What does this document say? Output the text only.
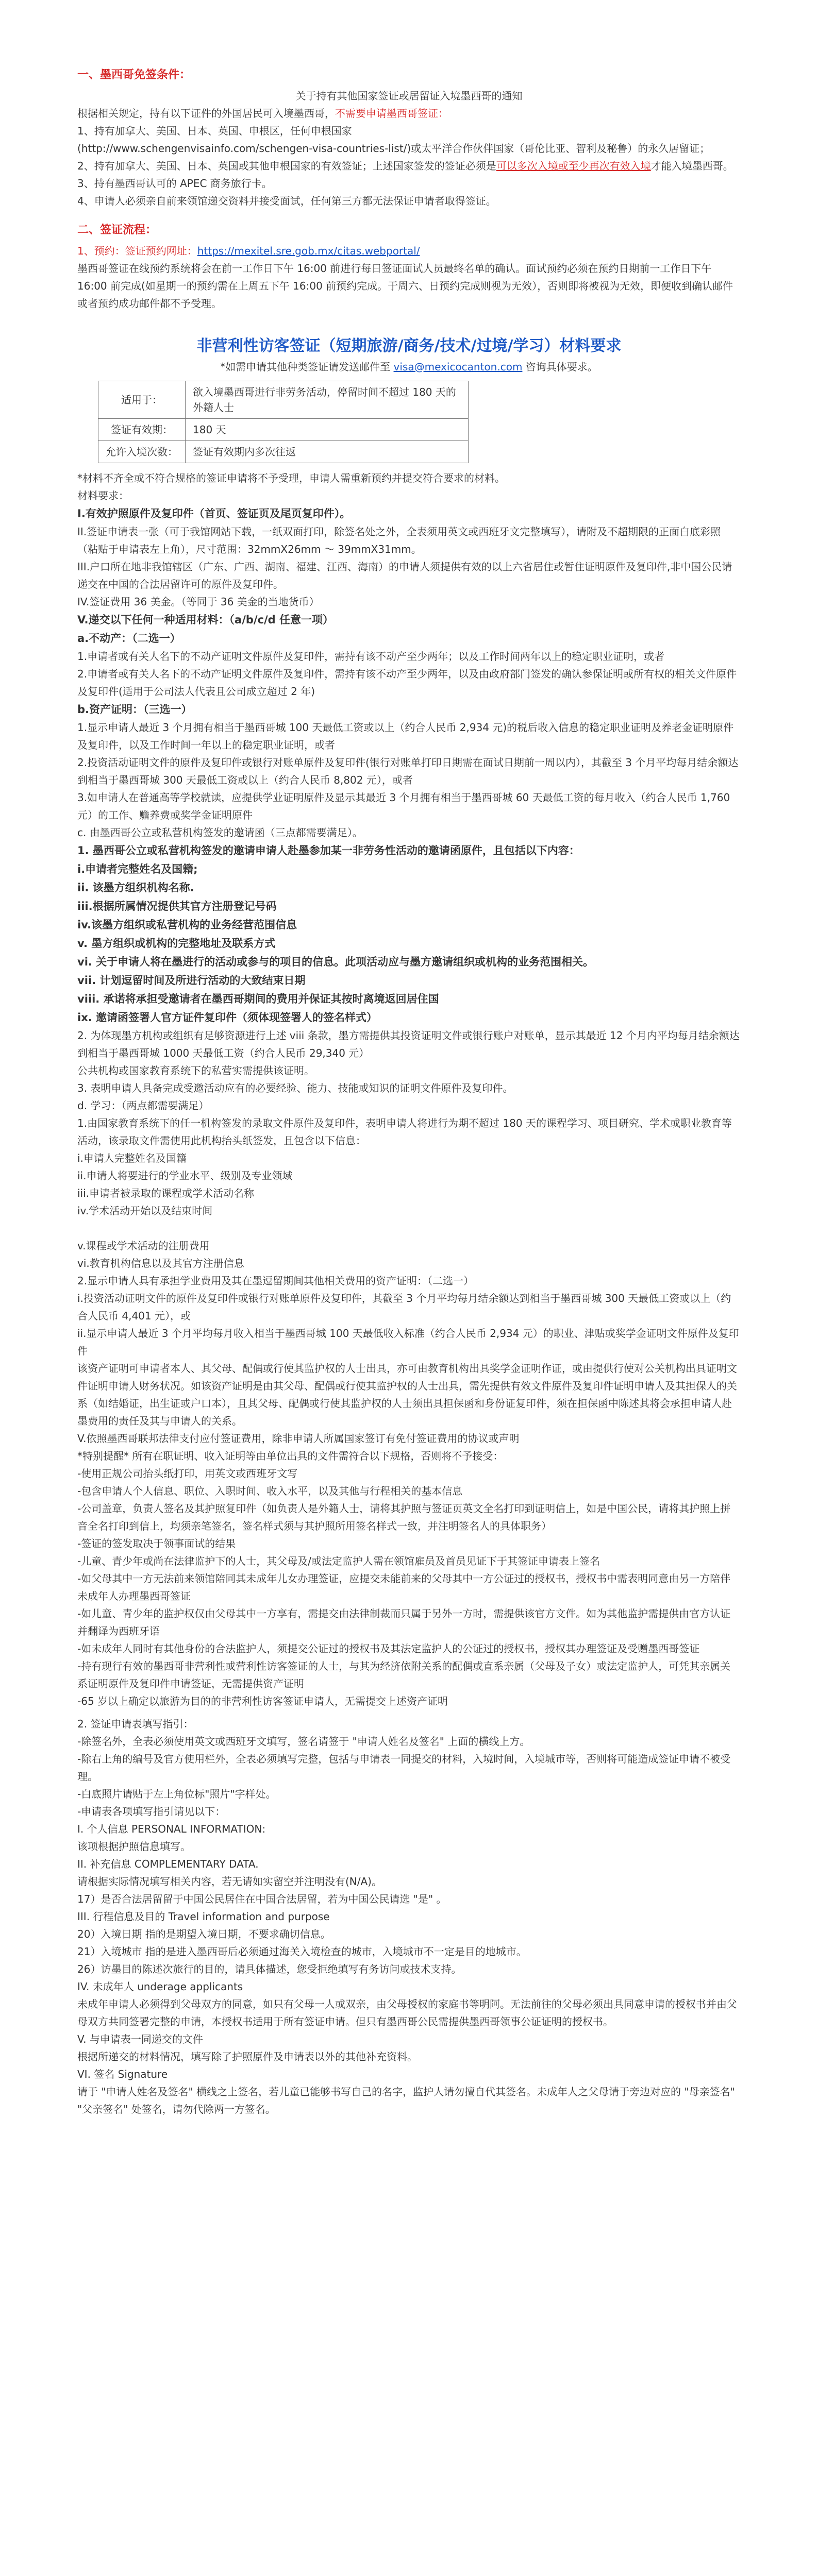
一、墨西哥免签条件：

关于持有其他国家签证或居留证入境墨西哥的通知

根据相关规定，持有以下证件的外国居民可入境墨西哥，不需要申请墨西哥签证：

1、持有加拿大、美国、日本、英国、申根区，任何申根国家

(http://www.schengenvisainfo.com/schengen-visa-countries-list/)或太平洋合作伙伴国家（哥伦比亚、智利及秘鲁）的永久居留证；

2、持有加拿大、美国、日本、英国或其他申根国家的有效签证；上述国家签发的签证必须是可以多次入境或至少再次有效入境才能入境墨西哥。

3、持有墨西哥认可的 APEC 商务旅行卡。

4、申请人必须亲自前来领馆递交资料并接受面试，任何第三方都无法保证申请者取得签证。

二、签证流程：

1、预约：签证预约网址：https://mexitel.sre.gob.mx/citas.webportal/

墨西哥签证在线预约系统将会在前一工作日下午 16:00 前进行每日签证面试人员最终名单的确认。面试预约必须在预约日期前一工作日下午 16:00 前完成(如星期一的预约需在上周五下午 16:00 前预约完成。于周六、日预约完成则视为无效），否则即将被视为无效，即便收到确认邮件或者预约成功邮件都不予受理。

非营利性访客签证（短期旅游/商务/技术/过境/学习）材料要求

*如需申请其他种类签证请发送邮件至 visa@mexicocanton.com 咨询具体要求。

适用于：	欲入境墨西哥进行非劳务活动，停留时间不超过 180 天的外籍人士
签证有效期：	180 天
允许入境次数：	签证有效期内多次往返

*材料不齐全或不符合规格的签证申请将不予受理，申请人需重新预约并提交符合要求的材料。

材料要求：

I.有效护照原件及复印件（首页、签证页及尾页复印件）。

II.签证申请表一张（可于我馆网站下载，一纸双面打印，除签名处之外，全表须用英文或西班牙文完整填写），请附及不超期限的正面白底彩照（粘贴于申请表左上角），尺寸范围：32mmX26mm ～ 39mmX31mm。

III.户口所在地非我馆辖区（广东、广西、湖南、福建、江西、海南）的申请人须提供有效的以上六省居住或暂住证明原件及复印件,非中国公民请递交在中国的合法居留许可的原件及复印件。

IV.签证费用 36 美金。（等同于 36 美金的当地货币）

V.递交以下任何一种适用材料：（a/b/c/d 任意一项）

a.不动产：（二选一）

1.申请者或有关人名下的不动产证明文件原件及复印件，需持有该不动产至少两年；以及工作时间两年以上的稳定职业证明，或者

2.申请者或有关人名下的不动产证明文件原件及复印件，需持有该不动产至少两年，以及由政府部门签发的确认参保证明或所有权的相关文件原件及复印件(适用于公司法人代表且公司成立超过 2 年)

b.资产证明：（三选一）

1.显示申请人最近 3 个月拥有相当于墨西哥城 100 天最低工资或以上（约合人民币 2,934 元)的税后收入信息的稳定职业证明及养老金证明原件及复印件，以及工作时间一年以上的稳定职业证明，或者

2.投资活动证明文件的原件及复印件或银行对账单原件及复印件(银行对账单打印日期需在面试日期前一周以内），其截至 3 个月平均每月结余额达到相当于墨西哥城 300 天最低工资或以上（约合人民币 8,802 元），或者

3.如申请人在普通高等学校就读，应提供学业证明原件及显示其最近 3 个月拥有相当于墨西哥城 60 天最低工资的每月收入（约合人民币 1,760 元）的工作、赡养费或奖学金证明原件

c. 由墨西哥公立或私营机构签发的邀请函（三点都需要满足）。

1. 墨西哥公立或私营机构签发的邀请申请人赴墨参加某一非劳务性活动的邀请函原件，且包括以下内容：

i.申请者完整姓名及国籍;

ii. 该墨方组织机构名称.

iii.根据所属情况提供其官方注册登记号码

iv.该墨方组织或私营机构的业务经营范围信息

v. 墨方组织或机构的完整地址及联系方式

vi. 关于申请人将在墨进行的活动或参与的项目的信息。此项活动应与墨方邀请组织或机构的业务范围相关。

vii. 计划逗留时间及所进行活动的大致结束日期

viii. 承诺将承担受邀请者在墨西哥期间的费用并保证其按时离境返回居住国

ix. 邀请函签署人官方证件复印件（须体现签署人的签名样式）

2. 为体现墨方机构或组织有足够资源进行上述 viii 条款，墨方需提供其投资证明文件或银行账户对账单，显示其最近 12 个月内平均每月结余额达到相当于墨西哥城 1000 天最低工资（约合人民币 29,340 元）

公共机构或国家教育系统下的私营实需提供该证明。

3. 表明申请人具备完成受邀活动应有的必要经验、能力、技能或知识的证明文件原件及复印件。

d. 学习：（两点都需要满足）

1.由国家教育系统下的任一机构签发的录取文件原件及复印件，表明申请人将进行为期不超过 180 天的课程学习、项目研究、学术或职业教育等活动，该录取文件需使用此机构抬头纸签发，且包含以下信息：

i.申请人完整姓名及国籍

ii.申请人将要进行的学业水平、级别及专业领域

iii.申请者被录取的课程或学术活动名称

iv.学术活动开始以及结束时间

v.课程或学术活动的注册费用

vi.教育机构信息以及其官方注册信息

2.显示申请人具有承担学业费用及其在墨逗留期间其他相关费用的资产证明：（二选一）

i.投资活动证明文件的原件及复印件或银行对账单原件及复印件，其截至 3 个月平均每月结余额达到相当于墨西哥城 300 天最低工资或以上（约合人民币 4,401 元），或

ii.显示申请人最近 3 个月平均每月收入相当于墨西哥城 100 天最低收入标准（约合人民币 2,934 元）的职业、津贴或奖学金证明文件原件及复印件

该资产证明可申请者本人、其父母、配偶或行使其监护权的人士出具，亦可由教育机构出具奖学金证明作证，或由提供行使对公关机构出具证明文件证明申请人财务状况。如该资产证明是由其父母、配偶或行使其监护权的人士出具，需先提供有效文件原件及复印件证明申请人及其担保人的关系（如结婚证，出生证或户口本），且其父母、配偶或行使其监护权的人士须出具担保函和身份证复印件，须在担保函中陈述其将会承担申请人赴墨费用的责任及其与申请人的关系。

V.依照墨西哥联邦法律支付应付签证费用，除非申请人所属国家签订有免付签证费用的协议或声明

*特别提醒* 所有在职证明、收入证明等由单位出具的文件需符合以下规格，否则将不予接受：

-使用正规公司抬头纸打印，用英文或西班牙文写

-包含申请人个人信息、职位、入职时间、收入水平，以及其他与行程相关的基本信息

-公司盖章，负责人签名及其护照复印件（如负责人是外籍人士，请将其护照与签证页英文全名打印到证明信上，如是中国公民，请将其护照上拼音全名打印到信上，均须亲笔签名，签名样式须与其护照所用签名样式一致，并注明签名人的具体职务）

-签证的签发取决于领事面试的结果

-儿童、青少年或尚在法律监护下的人士，其父母及/或法定监护人需在领馆雇员及首员见证下于其签证申请表上签名

-如父母其中一方无法前来领馆陪同其未成年儿女办理签证，应提交未能前来的父母其中一方公证过的授权书，授权书中需表明同意由另一方陪伴未成年人办理墨西哥签证

-如儿童、青少年的监护权仅由父母其中一方享有，需提交由法律制裁而只属于另外一方时，需提供该官方文件。如为其他监护需提供由官方认证并翻译为西班牙语

-如未成年人同时有其他身份的合法监护人，须提交公证过的授权书及其法定监护人的公证过的授权书，授权其办理签证及受赠墨西哥签证

-持有现行有效的墨西哥非营利性或营利性访客签证的人士，与其为经济依附关系的配偶或直系亲属（父母及子女）或法定监护人，可凭其亲属关系证明原件及复印件申请签证，无需提供资产证明

-65 岁以上确定以旅游为目的的非营利性访客签证申请人，无需提交上述资产证明

2. 签证申请表填写指引：

-除签名外，全表必须使用英文或西班牙文填写，签名请签于 "申请人姓名及签名" 上面的横线上方。

-除右上角的编号及官方使用栏外，全表必须填写完整，包括与申请表一同提交的材料，入境时间，入境城市等，否则将可能造成签证申请不被受理。

-白底照片请贴于左上角位标"照片"字样处。

-申请表各项填写指引请见以下：

I. 个人信息 PERSONAL INFORMATION:

该项根据护照信息填写。

II. 补充信息 COMPLEMENTARY DATA.

请根据实际情况填写相关内容，若无请如实留空并注明没有(N/A)。

17）是否合法居留留于中国公民居住在中国合法居留，若为中国公民请选 "是" 。

III. 行程信息及目的 Travel information and purpose

20）入境日期 指的是期望入境日期，不要求确切信息。

21）入境城市 指的是进入墨西哥后必须通过海关入境检查的城市，入境城市不一定是目的地城市。

26）访墨目的陈述次旅行的目的，请具体描述，您受拒绝填写有务访问或技术支持。

IV. 未成年人 underage applicants

未成年申请人必须得到父母双方的同意，如只有父母一人或双亲，由父母授权的家庭书等明阿。无法前往的父母必须出具同意申请的授权书并由父母双方共同签署完整的申请，本授权书适用于所有签证申请。但只有墨西哥公民需提供墨西哥领事公证证明的授权书。

V. 与申请表一同递交的文件

根据所递交的材料情况，填写除了护照原件及申请表以外的其他补充资料。

VI. 签名 Signature

请于 "申请人姓名及签名" 横线之上签名，若儿童已能够书写自己的名字，监护人请勿擅自代其签名。未成年人之父母请于旁边对应的 "母亲签名" "父亲签名" 处签名，请勿代除两一方签名。
